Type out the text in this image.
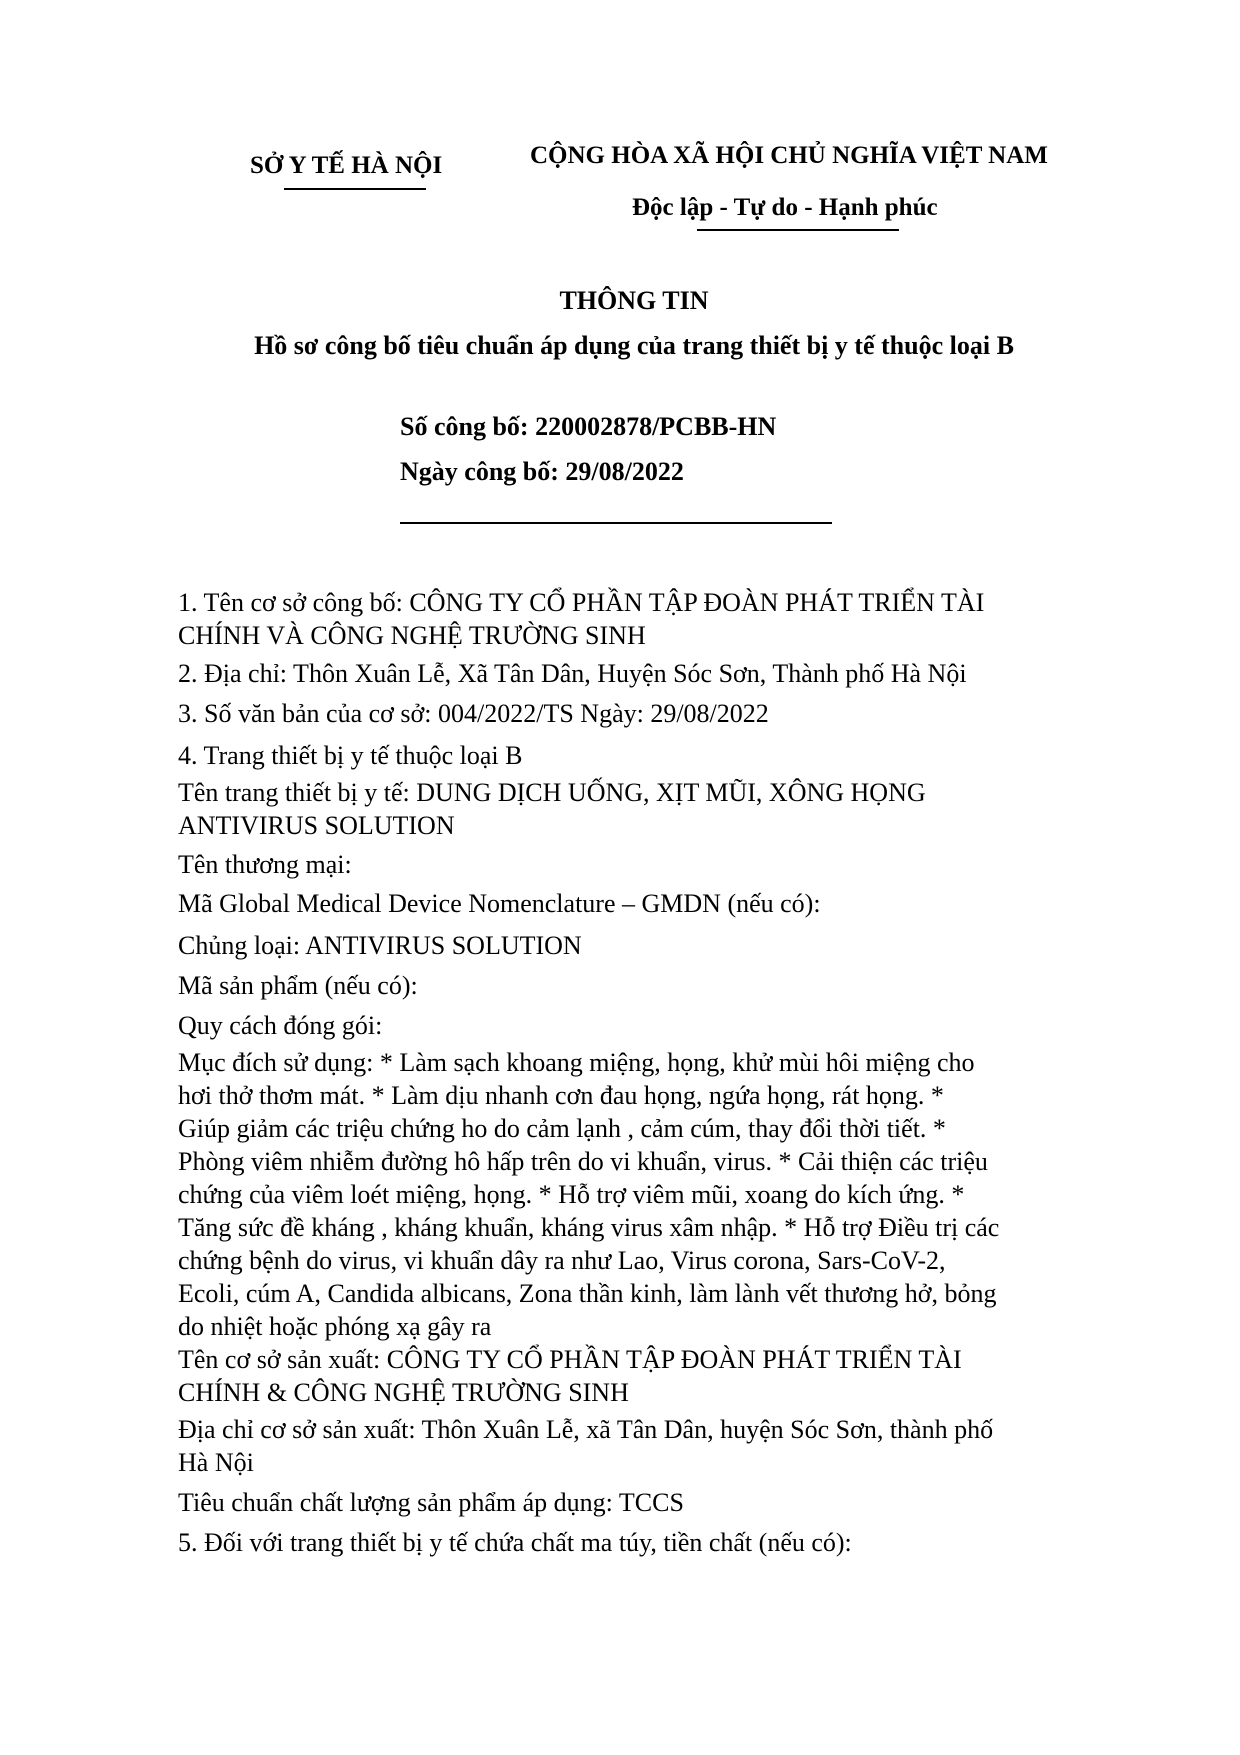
SỞ Y TẾ HÀ NỘI	CỘNG HÒA XÃ HỘI CHỦ NGHĨA VIỆT NAM
Độc lập - Tự do - Hạnh phúc
THÔNG TIN
Hồ sơ công bố tiêu chuẩn áp dụng của trang thiết bị y tế thuộc loại B
Số công bố: 220002878/PCBB-HN
Ngày công bố: 29/08/2022
1. Tên cơ sở công bố: CÔNG TY CỔ PHẦN TẬP ĐOÀN PHÁT TRIỂN TÀI
CHÍNH VÀ CÔNG NGHỆ TRƯỜNG SINH
2. Địa chỉ: Thôn Xuân Lễ, Xã Tân Dân, Huyện Sóc Sơn, Thành phố Hà Nội
3. Số văn bản của cơ sở: 004/2022/TS Ngày: 29/08/2022
4. Trang thiết bị y tế thuộc loại B
Tên trang thiết bị y tế: DUNG DỊCH UỐNG, XỊT MŨI, XÔNG HỌNG
ANTIVIRUS SOLUTION
Tên thương mại:
Mã Global Medical Device Nomenclature – GMDN (nếu có):
Chủng loại: ANTIVIRUS SOLUTION
Mã sản phẩm (nếu có):
Quy cách đóng gói:
Mục đích sử dụng: * Làm sạch khoang miệng, họng, khử mùi hôi miệng cho
hơi thở thơm mát. * Làm dịu nhanh cơn đau họng, ngứa họng, rát họng. *
Giúp giảm các triệu chứng ho do cảm lạnh , cảm cúm, thay đổi thời tiết. *
Phòng viêm nhiễm đường hô hấp trên do vi khuẩn, virus. * Cải thiện các triệu
chứng của viêm loét miệng, họng. * Hỗ trợ viêm mũi, xoang do kích ứng. *
Tăng sức đề kháng , kháng khuẩn, kháng virus xâm nhập. * Hỗ trợ Điều trị các
chứng bệnh do virus, vi khuẩn dây ra như Lao, Virus corona, Sars-CoV-2,
Ecoli, cúm A, Candida albicans, Zona thần kinh, làm lành vết thương hở, bỏng
do nhiệt hoặc phóng xạ gây ra
Tên cơ sở sản xuất: CÔNG TY CỔ PHẦN TẬP ĐOÀN PHÁT TRIỂN TÀI
CHÍNH & CÔNG NGHỆ TRƯỜNG SINH
Địa chỉ cơ sở sản xuất: Thôn Xuân Lễ, xã Tân Dân, huyện Sóc Sơn, thành phố
Hà Nội
Tiêu chuẩn chất lượng sản phẩm áp dụng: TCCS
5. Đối với trang thiết bị y tế chứa chất ma túy, tiền chất (nếu có):
